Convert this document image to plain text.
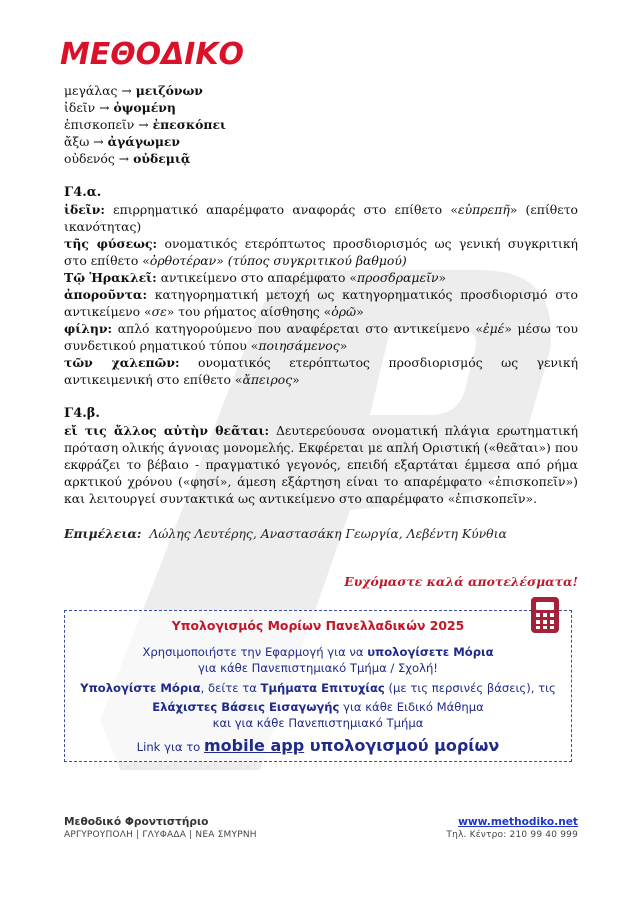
ΜΕΘΟΔΙΚΟ

μεγάλας → μειζόνων

ἰδεῖν → ὀψομένη

ἐπισκοπεῖν → ἐπεσκόπει

ἄξω → ἀγάγωμεν

οὐδενός → οὐδεμιᾷ

Γ4.α.

ἰδεῖν: επιρρηματικό απαρέμφατο αναφοράς στο επίθετο «εὐπρεπῆ» (επίθετο ικανότητας)

τῆς φύσεως: ονοματικός ετερόπτωτος προσδιορισμός ως γενική συγκριτική στο επίθετο «ὀρθοτέραν» (τύπος συγκριτικού βαθμού)

Τῷ Ἡρακλεῖ: αντικείμενο στο απαρέμφατο «προσδραμεῖν»

ἀποροῦντα: κατηγορηματική μετοχή ως κατηγορηματικός προσδιορισμό στο αντικείμενο «σε» του ρήματος αίσθησης «ὁρῶ»

φίλην: απλό κατηγορούμενο που αναφέρεται στο αντικείμενο «ἐμέ» μέσω του συνδετικού ρηματικού τύπου «ποιησάμενος»

τῶν χαλεπῶν: ονοματικός ετερόπτωτος προσδιορισμός ως γενική αντικειμενική στο επίθετο «ἄπειρος»

Γ4.β.

εἴ τις ἄλλος αὐτὴν θεᾶται: Δευτερεύουσα ονοματική πλάγια ερωτηματική πρόταση ολικής άγνοιας μονομελής. Εκφέρεται με απλή Οριστική («θεᾶται») που εκφράζει το βέβαιο - πραγματικό γεγονός, επειδή εξαρτάται έμμεσα από ρήμα αρκτικού χρόνου («φησί», άμεση εξάρτηση είναι το απαρέμφατο «ἐπισκοπεῖν») και λειτουργεί συντακτικά ως αντικείμενο στο απαρέμφατο «ἐπισκοπεῖν».

Επιμέλεια: Λώλης Λευτέρης, Αναστασάκη Γεωργία, Λεβέντη Κύνθια
Ευχόμαστε καλά αποτελέσματα!
Υπολογισμός Μορίων Πανελλαδικών 2025
Χρησιμοποιήστε την Εφαρμογή για να υπολογίσετε Μόρια
για κάθε Πανεπιστημιακό Τμήμα / Σχολή!
Υπολογίστε Μόρια, δείτε τα Τμήματα Επιτυχίας (με τις περσινές βάσεις), τις
Ελάχιστες Βάσεις Εισαγωγής για κάθε Ειδικό Μάθημα
και για κάθε Πανεπιστημιακό Τμήμα
Link για το mobile app υπολογισμού μορίων
Μεθοδικό Φροντιστήριο
ΑΡΓΥΡΟΥΠΟΛΗ | ΓΛΥΦΑΔΑ | ΝΕΑ ΣΜΥΡΝΗ
www.methodiko.net
Τηλ. Κέντρο: 210 99 40 999
